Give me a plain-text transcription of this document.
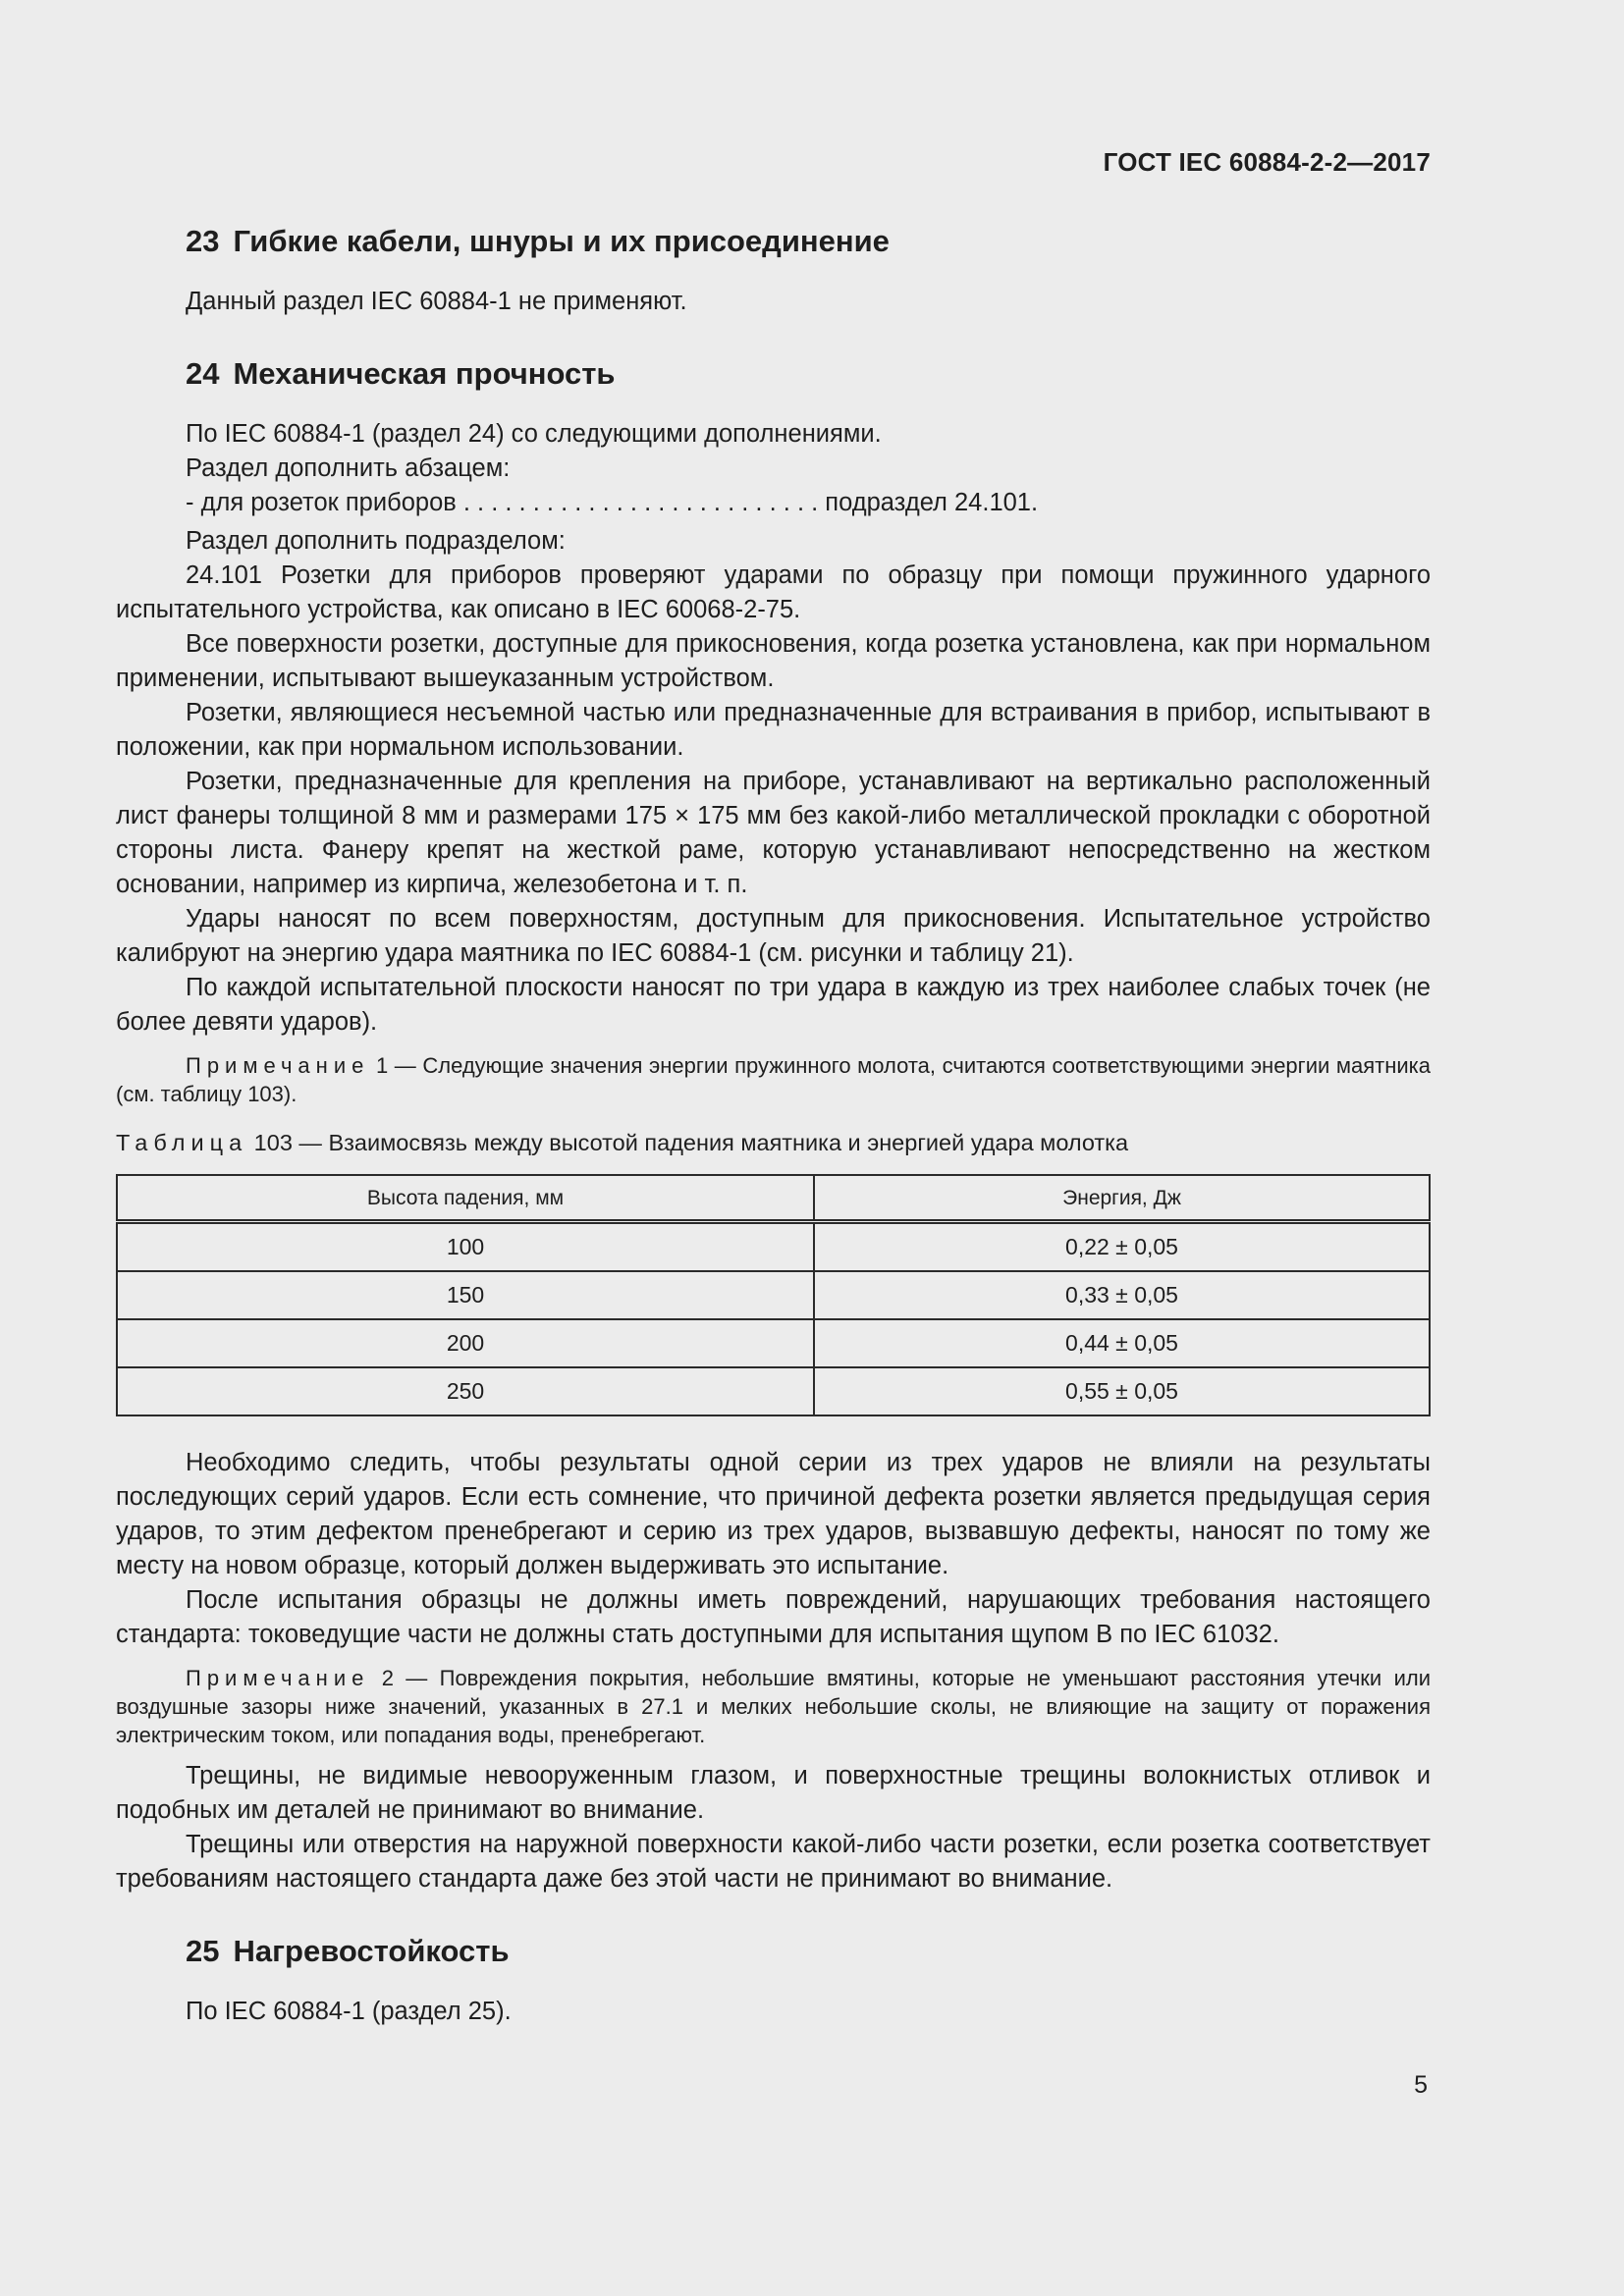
ГОСТ IEC 60884-2-2—2017
23 Гибкие кабели, шнуры и их присоединение

Данный раздел IEC 60884-1 не применяют.

24 Механическая прочность

По IEC 60884-1 (раздел 24) со следующими дополнениями.

Раздел дополнить абзацем:

- для розеток приборов . . . . . . . . . . . . . . . . . . . . . . . . . . подраздел 24.101.

Раздел дополнить подразделом:

24.101 Розетки для приборов проверяют ударами по образцу при помощи пружинного ударного испытательного устройства, как описано в IEC 60068-2-75.

Все поверхности розетки, доступные для прикосновения, когда розетка установлена, как при нормальном применении, испытывают вышеуказанным устройством.

Розетки, являющиеся несъемной частью или предназначенные для встраивания в прибор, испытывают в положении, как при нормальном использовании.

Розетки, предназначенные для крепления на приборе, устанавливают на вертикально расположенный лист фанеры толщиной 8 мм и размерами 175 × 175 мм без какой-либо металлической прокладки с оборотной стороны листа. Фанеру крепят на жесткой раме, которую устанавливают непосредственно на жестком основании, например из кирпича, железобетона и т. п.

Удары наносят по всем поверхностям, доступным для прикосновения. Испытательное устройство калибруют на энергию удара маятника по IEC 60884-1 (см. рисунки и таблицу 21).

По каждой испытательной плоскости наносят по три удара в каждую из трех наиболее слабых точек (не более девяти ударов).

Примечание 1 — Следующие значения энергии пружинного молота, считаются соответствующими энергии маятника (см. таблицу 103).

Таблица 103 — Взаимосвязь между высотой падения маятника и энергией удара молотка

Высота падения, мм	Энергия, Дж
100	0,22 ± 0,05
150	0,33 ± 0,05
200	0,44 ± 0,05
250	0,55 ± 0,05

Необходимо следить, чтобы результаты одной серии из трех ударов не влияли на результаты последующих серий ударов. Если есть сомнение, что причиной дефекта розетки является предыдущая серия ударов, то этим дефектом пренебрегают и серию из трех ударов, вызвавшую дефекты, наносят по тому же месту на новом образце, который должен выдерживать это испытание.

После испытания образцы не должны иметь повреждений, нарушающих требования настоящего стандарта: токоведущие части не должны стать доступными для испытания щупом B по IEC 61032.

Примечание 2 — Повреждения покрытия, небольшие вмятины, которые не уменьшают расстояния утечки или воздушные зазоры ниже значений, указанных в 27.1 и мелких небольшие сколы, не влияющие на защиту от поражения электрическим током, или попадания воды, пренебрегают.

Трещины, не видимые невооруженным глазом, и поверхностные трещины волокнистых отливок и подобных им деталей не принимают во внимание.

Трещины или отверстия на наружной поверхности какой-либо части розетки, если розетка соответствует требованиям настоящего стандарта даже без этой части не принимают во внимание.

25 Нагревостойкость

По IEC 60884-1 (раздел 25).

5
